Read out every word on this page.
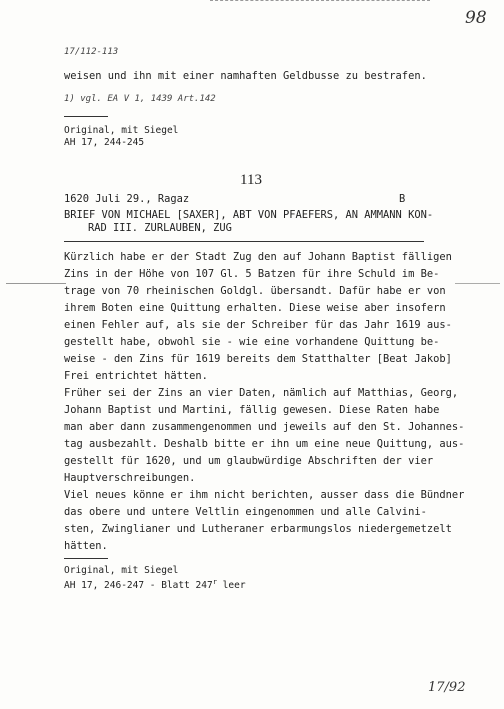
98
17/112-113
weisen und ihn mit einer namhaften Geldbusse zu bestrafen.
1) vgl. EA V 1, 1439 Art.142
Original, mit Siegel
AH 17, 244-245
113
1620 Juli 29., Ragaz	B
BRIEF VON MICHAEL [SAXER], ABT VON PFAEFERS, AN AMMANN KON-
RAD III. ZURLAUBEN, ZUG
Kürzlich habe er der Stadt Zug den auf Johann Baptist fälligen
Zins in der Höhe von 107 Gl. 5 Batzen für ihre Schuld im Be-
trage von 70 rheinischen Goldgl. übersandt. Dafür habe er von
ihrem Boten eine Quittung erhalten. Diese weise aber insofern
einen Fehler auf, als sie der Schreiber für das Jahr 1619 aus-
gestellt habe, obwohl sie - wie eine vorhandene Quittung be-
weise - den Zins für 1619 bereits dem Statthalter [Beat Jakob]
Frei entrichtet hätten.
Früher sei der Zins an vier Daten, nämlich auf Matthias, Georg,
Johann Baptist und Martini, fällig gewesen. Diese Raten habe
man aber dann zusammengenommen und jeweils auf den St. Johannes-
tag ausbezahlt. Deshalb bitte er ihn um eine neue Quittung, aus-
gestellt für 1620, und um glaubwürdige Abschriften der vier
Hauptverschreibungen.
Viel neues könne er ihm nicht berichten, ausser dass die Bündner
das obere und untere Veltlin eingenommen und alle Calvini-
sten, Zwinglianer und Lutheraner erbarmungslos niedergemetzelt
hätten.
Original, mit Siegel
AH 17, 246-247 - Blatt 247$^r$ leer
17/92
